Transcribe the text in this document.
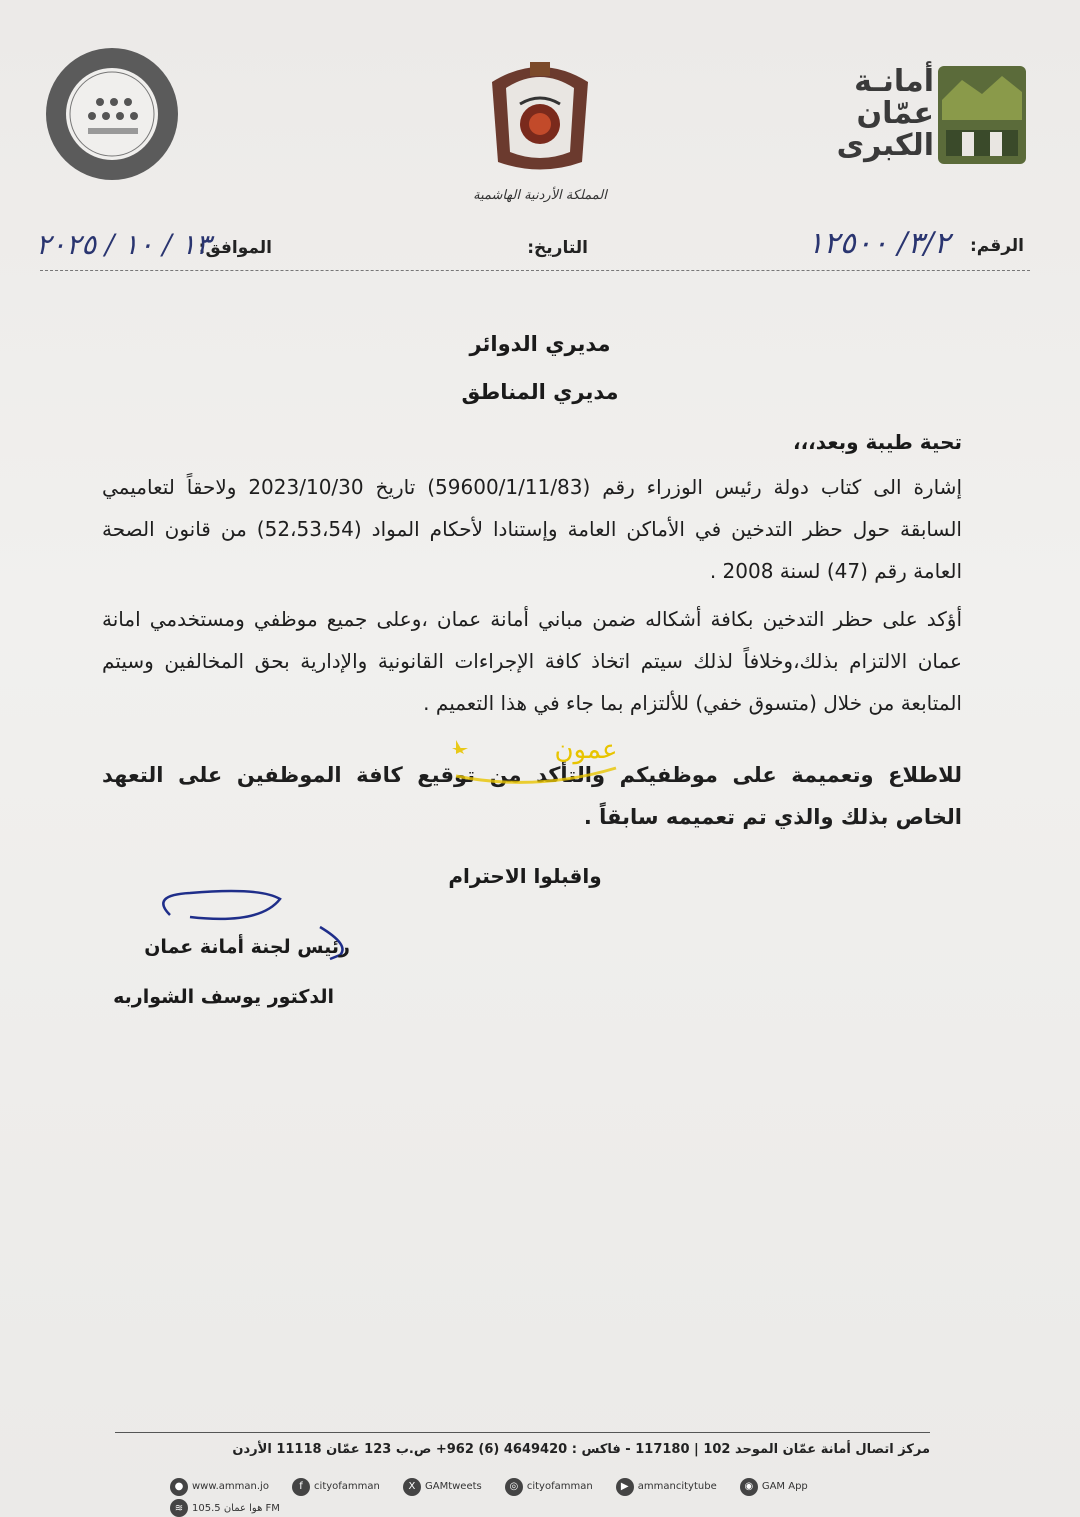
المملكة الأردنية الهاشمية
أمانـة
عمّان
الكبرى
الرقم:
٣/٢/ ١٢٥٠٠
التاريخ:
الموافق:
١٣ / ١٠ / ٢٠٢٥
مديري الدوائر
مديري المناطق
تحية طيبة وبعد،،،
إشارة الى كتاب دولة رئيس الوزراء رقم (59600/1/11/83) تاريخ 2023/10/30 ولاحقاً لتعاميمي السابقة حول حظر التدخين في الأماكن العامة وإستنادا لأحكام المواد (52،53،54) من قانون الصحة العامة رقم (47) لسنة 2008 .
أؤكد على حظر التدخين بكافة أشكاله ضمن مباني أمانة عمان ،وعلى جميع موظفي ومستخدمي امانة عمان الالتزام بذلك،وخلافاً لذلك سيتم اتخاذ كافة الإجراءات القانونية والإدارية بحق المخالفين وسيتم المتابعة من خلال (متسوق خفي) للألتزام بما جاء في هذا التعميم .
للاطلاع وتعميمة على موظفيكم والتأكد من توقيع كافة الموظفين على التعهد الخاص بذلك والذي تم تعميمه سابقاً .
عمون
واقبلوا الاحترام
رئيس لجنة أمانة عمان
الدكتور يوسف الشواربه
مركز اتصال أمانة عمّان الموحد 102 | 117180 - فاكس : 4649420 (6) 962+ ص.ب 123 عمّان 11118 الأردن
● www.amman.jo
	f	cityofamman
	X GAMtweets
	◎ cityofamman
	▶ ammancitytube
	◉ GAM App

≋ هوا عمان 105.5 FM
